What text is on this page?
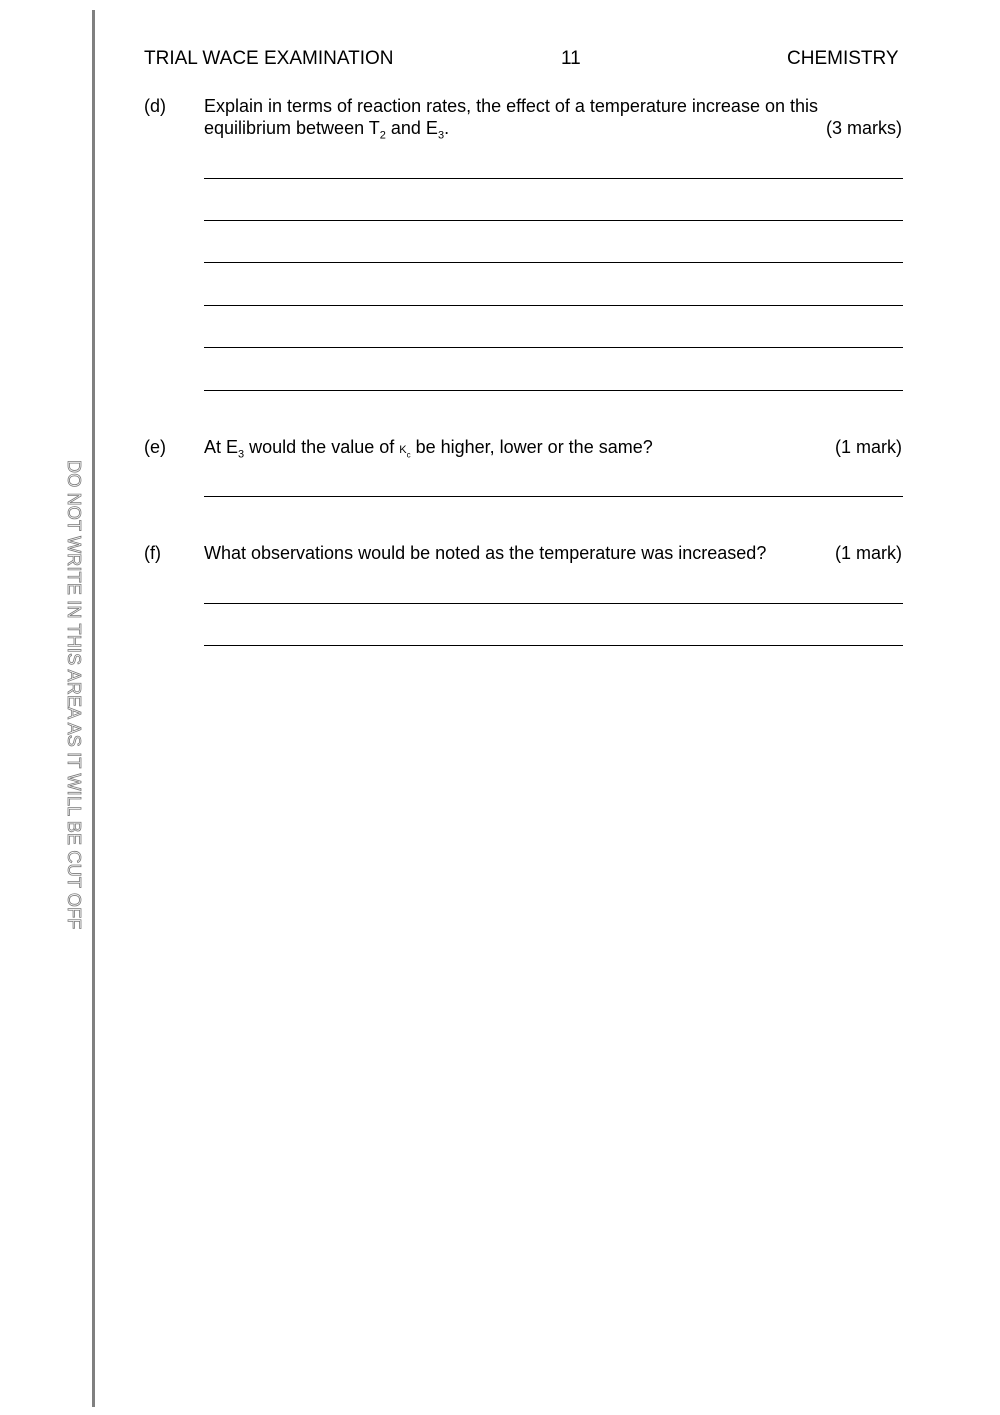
DO NOT WRITE IN THIS AREA AS IT WILL BE CUT OFF
TRIAL WACE EXAMINATION	11	CHEMISTRY
(d) Explain in terms of reaction rates, the effect of a temperature increase on this
equilibrium between $T_2$ and $E_3$.	(3 marks)
(e) At $E_3$ would the value of $K_c$ be higher, lower or the same?	(1 mark)
(f) What observations would be noted as the temperature was increased?	(1 mark)
